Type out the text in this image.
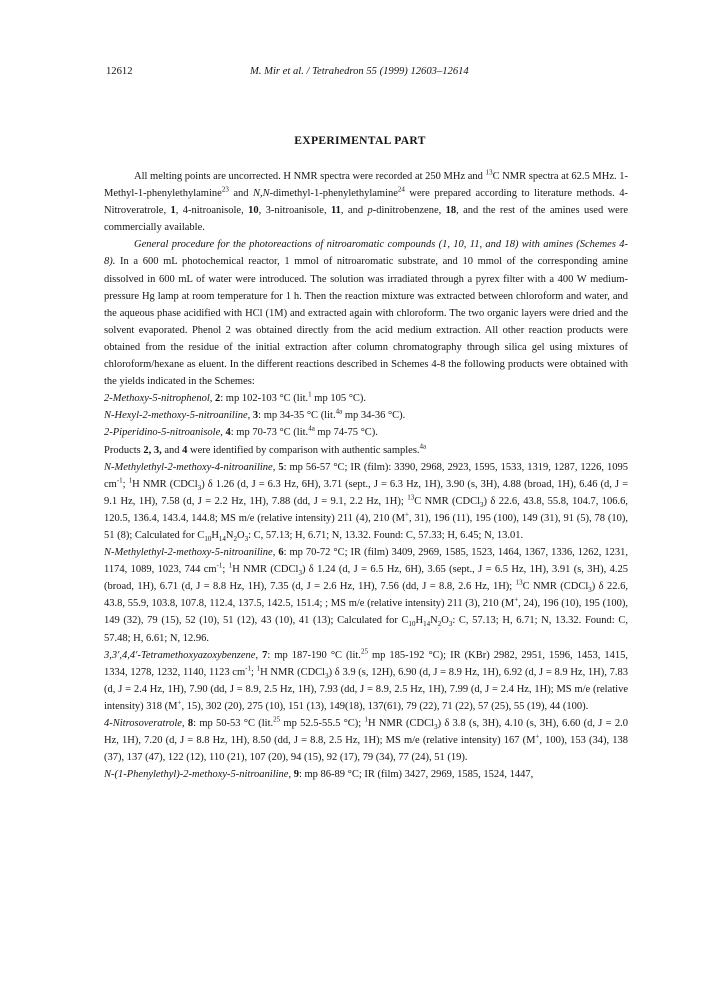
12612	M. Mir et al. / Tetrahedron 55 (1999) 12603–12614
EXPERIMENTAL PART

All melting points are uncorrected. H NMR spectra were recorded at 250 MHz and $^{13}$C NMR spectra at 62.5 MHz. 1-Methyl-1-phenylethylamine$^{23}$ and N,N-dimethyl-1-phenylethylamine$^{24}$ were prepared according to literature methods. 4-Nitroveratrole, 1, 4-nitroanisole, 10, 3-nitroanisole, 11, and p-dinitrobenzene, 18, and the rest of the amines used were commercially available.

General procedure for the photoreactions of nitroaromatic compounds (1, 10, 11, and 18) with amines (Schemes 4-8). In a 600 mL photochemical reactor, 1 mmol of nitroaromatic substrate, and 10 mmol of the corresponding amine dissolved in 600 mL of water were introduced. The solution was irradiated through a pyrex filter with a 400 W medium-pressure Hg lamp at room temperature for 1 h. Then the reaction mixture was extracted between chloroform and water, and the aqueous phase acidified with HCl (1M) and extracted again with chloroform. The two organic layers were dried and the solvent evaporated. Phenol 2 was obtained directly from the acid medium extraction. All other reaction products were obtained from the residue of the initial extraction after column chromatography through silica gel using mixtures of chloroform/hexane as eluent. In the different reactions described in Schemes 4-8 the following products were obtained with the yields indicated in the Schemes:

2-Methoxy-5-nitrophenol, 2: mp 102-103 °C (lit.$^1$ mp 105 °C).

N-Hexyl-2-methoxy-5-nitroaniline, 3: mp 34-35 °C (lit.$^{4a}$ mp 34-36 °C).

2-Piperidino-5-nitroanisole, 4: mp 70-73 °C (lit.$^{4a}$ mp 74-75 °C).

Products 2, 3, and 4 were identified by comparison with authentic samples.$^{4a}$

N-Methylethyl-2-methoxy-4-nitroaniline, 5: mp 56-57 °C; IR (film): 3390, 2968, 2923, 1595, 1533, 1319, 1287, 1226, 1095 $cm^{-1}$; $^1$H NMR (CDCl$_3$) δ 1.26 (d, J = 6.3 Hz, 6H), 3.71 (sept., J = 6.3 Hz, 1H), 3.90 (s, 3H), 4.88 (broad, 1H), 6.46 (d, J = 9.1 Hz, 1H), 7.58 (d, J = 2.2 Hz, 1H), 7.88 (dd, J = 9.1, 2.2 Hz, 1H); $^{13}$C NMR (CDCl$_3$) δ 22.6, 43.8, 55.8, 104.7, 106.6, 120.5, 136.4, 143.4, 144.8; MS m/e (relative intensity) 211 (4), 210 (M+, 31), 196 (11), 195 (100), 149 (31), 91 (5), 78 (10), 51 (8); Calculated for $C_{10}H_{14}N_2O_3$: C, 57.13; H, 6.71; N, 13.32. Found: C, 57.33; H, 6.45; N, 13.01.

N-Methylethyl-2-methoxy-5-nitroaniline, 6: mp 70-72 °C; IR (film) 3409, 2969, 1585, 1523, 1464, 1367, 1336, 1262, 1231, 1174, 1089, 1023, 744 $cm^{-1}$; $^1$H NMR (CDCl$_3$) δ 1.24 (d, J = 6.5 Hz, 6H), 3.65 (sept., J = 6.5 Hz, 1H), 3.91 (s, 3H), 4.25 (broad, 1H), 6.71 (d, J = 8.8 Hz, 1H), 7.35 (d, J = 2.6 Hz, 1H), 7.56 (dd, J = 8.8, 2.6 Hz, 1H); $^{13}$C NMR (CDCl$_3$) δ 22.6, 43.8, 55.9, 103.8, 107.8, 112.4, 137.5, 142.5, 151.4; ; MS m/e (relative intensity) 211 (3), 210 (M+, 24), 196 (10), 195 (100), 149 (32), 79 (15), 52 (10), 51 (12), 43 (10), 41 (13); Calculated for $C_{10}H_{14}N_2O_3$: C, 57.13; H, 6.71; N, 13.32. Found: C, 57.48; H, 6.61; N, 12.96.

3,3′,4,4′-Tetramethoxyazoxybenzene, 7: mp 187-190 °C (lit.$^{25}$ mp 185-192 °C); IR (KBr) 2982, 2951, 1596, 1453, 1415, 1334, 1278, 1232, 1140, 1123 $cm^{-1}$; $^1$H NMR (CDCl$_3$) δ 3.9 (s, 12H), 6.90 (d, J = 8.9 Hz, 1H), 6.92 (d, J = 8.9 Hz, 1H), 7.83 (d, J = 2.4 Hz, 1H), 7.90 (dd, J = 8.9, 2.5 Hz, 1H), 7.93 (dd, J = 8.9, 2.5 Hz, 1H), 7.99 (d, J = 2.4 Hz, 1H); MS m/e (relative intensity) 318 (M+, 15), 302 (20), 275 (10), 151 (13), 149(18), 137(61), 79 (22), 71 (22), 57 (25), 55 (19), 44 (100).

4-Nitrosoveratrole, 8: mp 50-53 °C (lit.$^{25}$ mp 52.5-55.5 °C); $^1$H NMR (CDCl$_3$) δ 3.8 (s, 3H), 4.10 (s, 3H), 6.60 (d, J = 2.0 Hz, 1H), 7.20 (d, J = 8.8 Hz, 1H), 8.50 (dd, J = 8.8, 2.5 Hz, 1H); MS m/e (relative intensity) 167 (M+, 100), 153 (34), 138 (37), 137 (47), 122 (12), 110 (21), 107 (20), 94 (15), 92 (17), 79 (34), 77 (24), 51 (19).

N-(1-Phenylethyl)-2-methoxy-5-nitroaniline, 9: mp 86-89 °C; IR (film) 3427, 2969, 1585, 1524, 1447,
